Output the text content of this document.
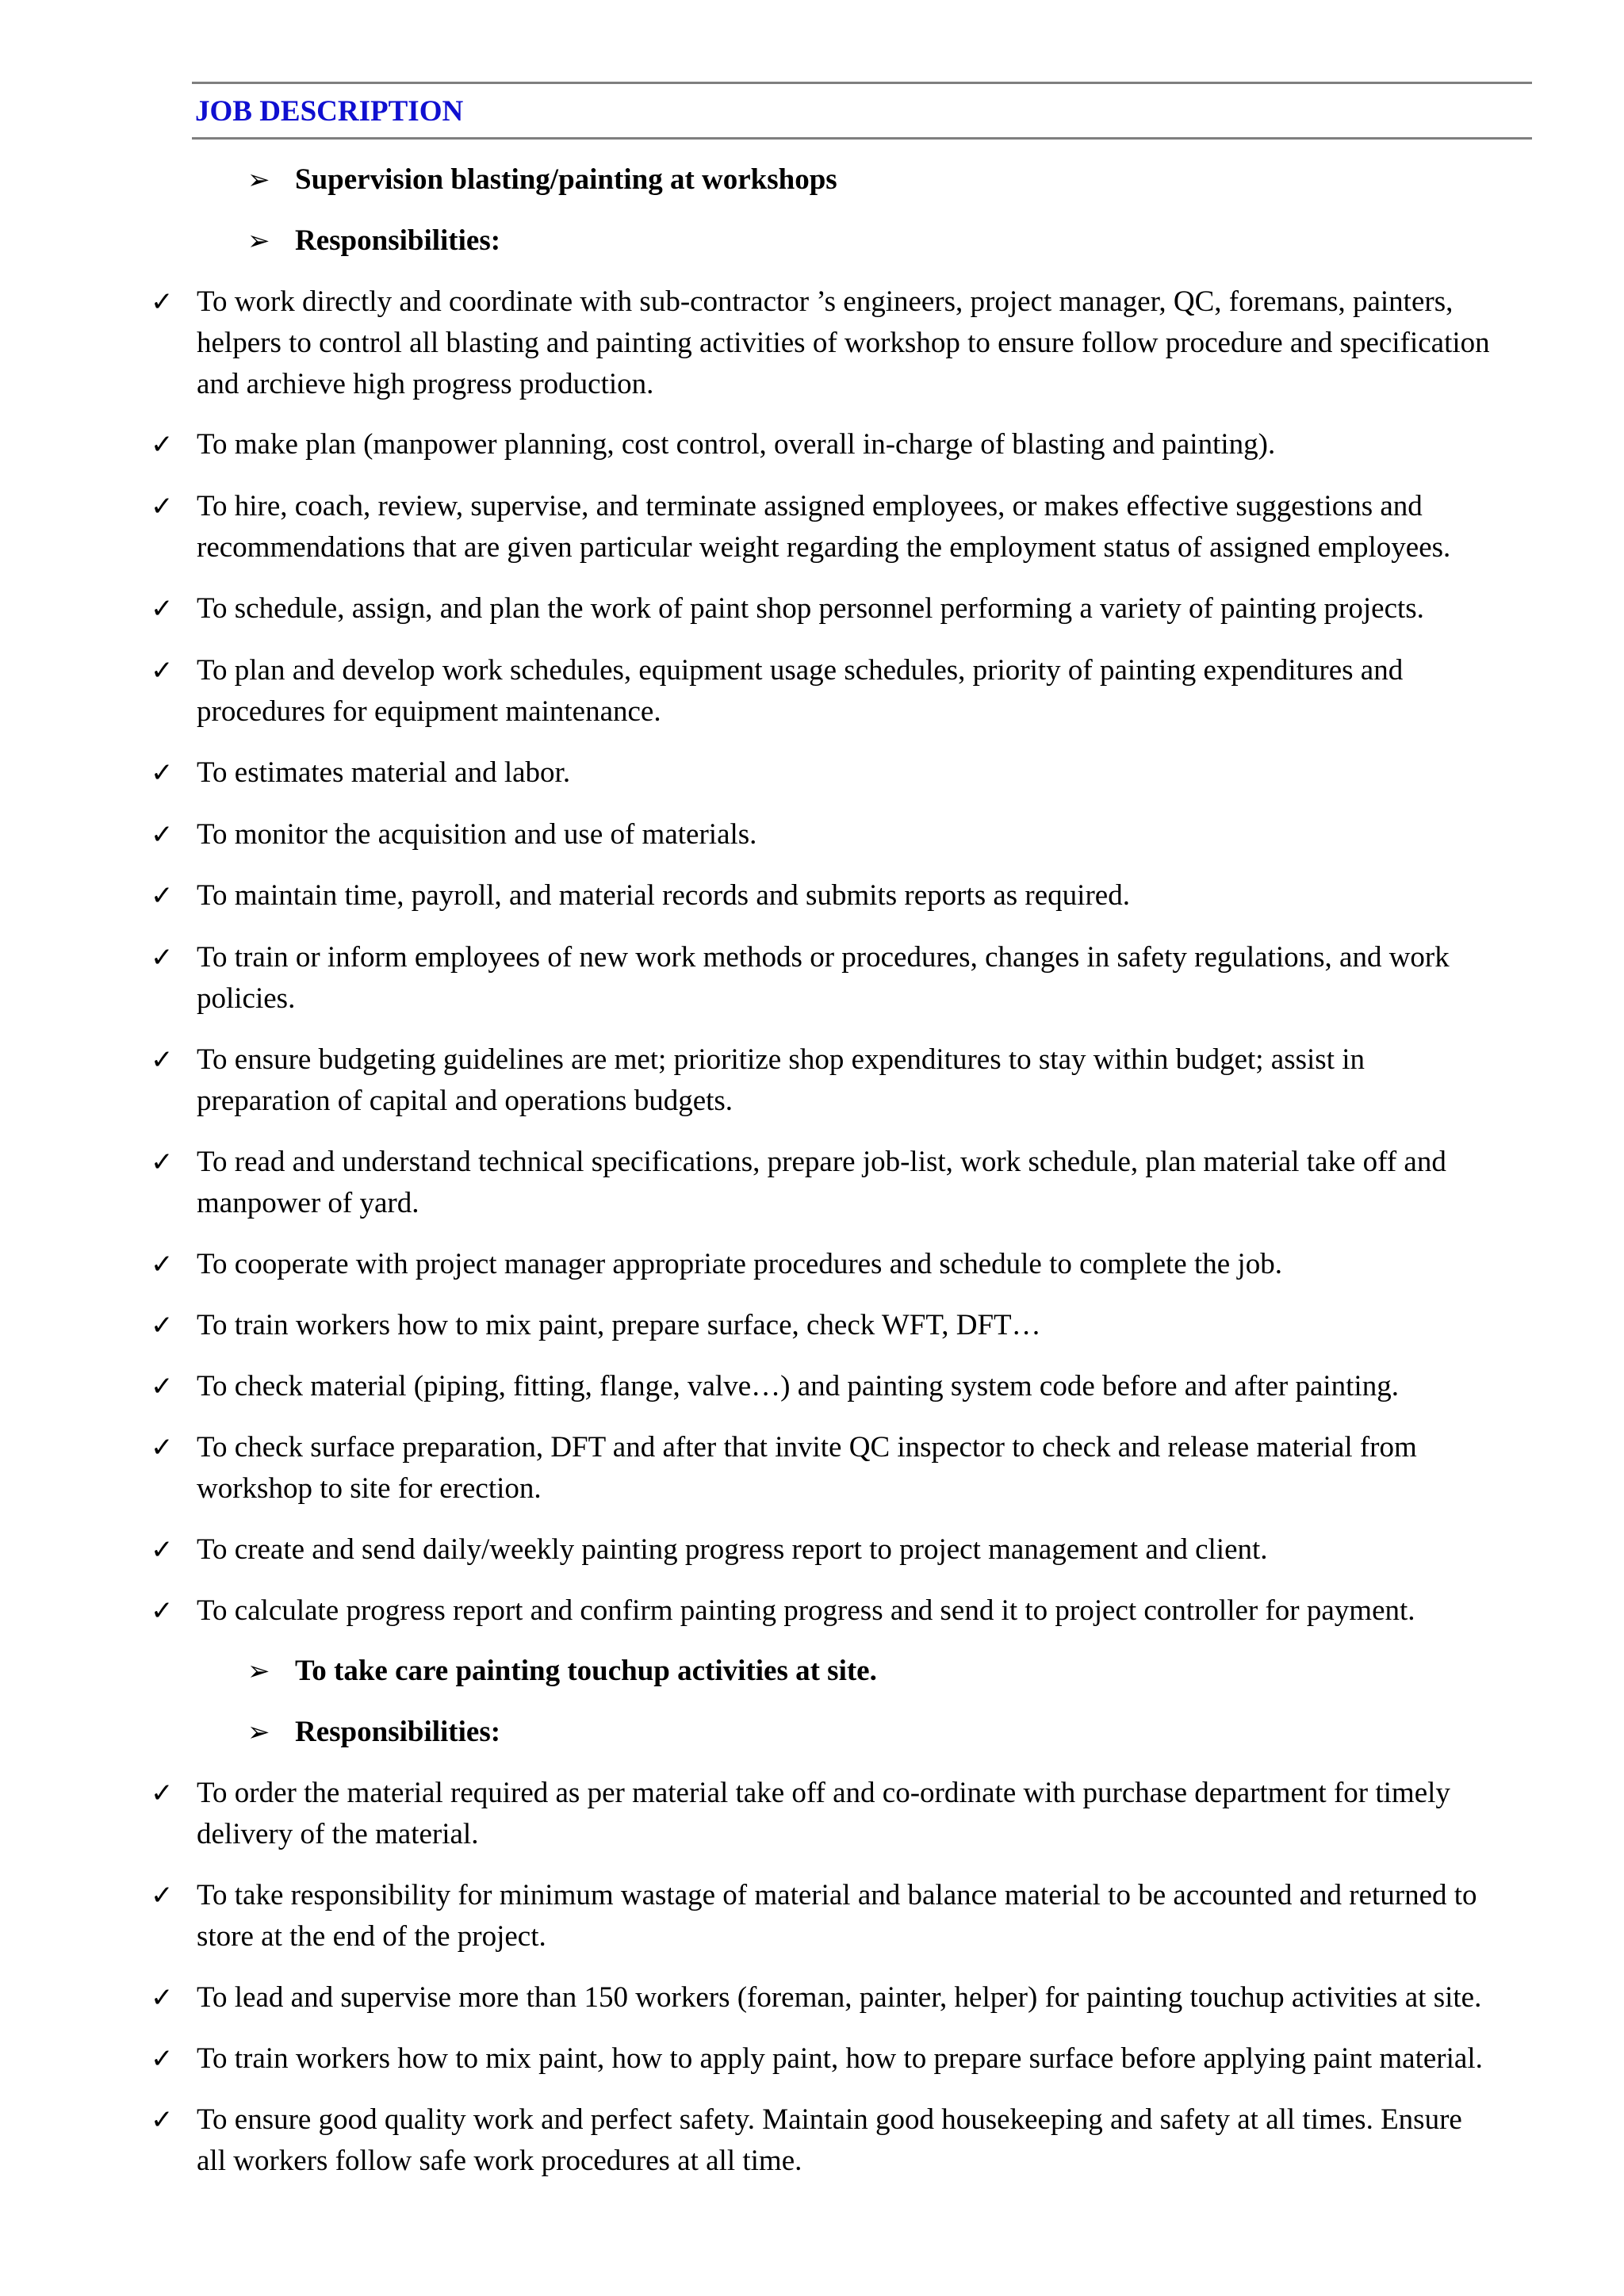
JOB DESCRIPTION
➢ Supervision blasting/painting at workshops
➢ Responsibilities:
✓ To work directly and coordinate with sub-contractor ’s engineers, project manager, QC, foremans, painters,
helpers to control all blasting and painting activities of workshop to ensure follow procedure and specification
and archieve high progress production.
✓ To make plan (manpower planning, cost control, overall in-charge of blasting and painting).
✓ To hire, coach, review, supervise, and terminate assigned employees, or makes effective suggestions and
recommendations that are given particular weight regarding the employment status of assigned employees.
✓ To schedule, assign, and plan the work of paint shop personnel performing a variety of painting projects.
✓ To plan and develop work schedules, equipment usage schedules, priority of painting expenditures and
procedures for equipment maintenance.
✓ To estimates material and labor.
✓ To monitor the acquisition and use of materials.
✓ To maintain time, payroll, and material records and submits reports as required.
✓ To train or inform employees of new work methods or procedures, changes in safety regulations, and work
policies.
✓ To ensure budgeting guidelines are met; prioritize shop expenditures to stay within budget; assist in
preparation of capital and operations budgets.
✓ To read and understand technical specifications, prepare job-list, work schedule, plan material take off and
manpower of yard.
✓ To cooperate with project manager appropriate procedures and schedule to complete the job.
✓ To train workers how to mix paint, prepare surface, check WFT, DFT…
✓ To check material (piping, fitting, flange, valve…) and painting system code before and after painting.
✓ To check surface preparation, DFT and after that invite QC inspector to check and release material from
workshop to site for erection.
✓ To create and send daily/weekly painting progress report to project management and client.
✓ To calculate progress report and confirm painting progress and send it to project controller for payment.
➢ To take care painting touchup activities at site.
➢ Responsibilities:
✓ To order the material required as per material take off and co-ordinate with purchase department for timely
delivery of the material.
✓ To take responsibility for minimum wastage of material and balance material to be accounted and returned to
store at the end of the project.
✓ To lead and supervise more than 150 workers (foreman, painter, helper) for painting touchup activities at site.
✓ To train workers how to mix paint, how to apply paint, how to prepare surface before applying paint material.
✓ To ensure good quality work and perfect safety. Maintain good housekeeping and safety at all times. Ensure
all workers follow safe work procedures at all time.
